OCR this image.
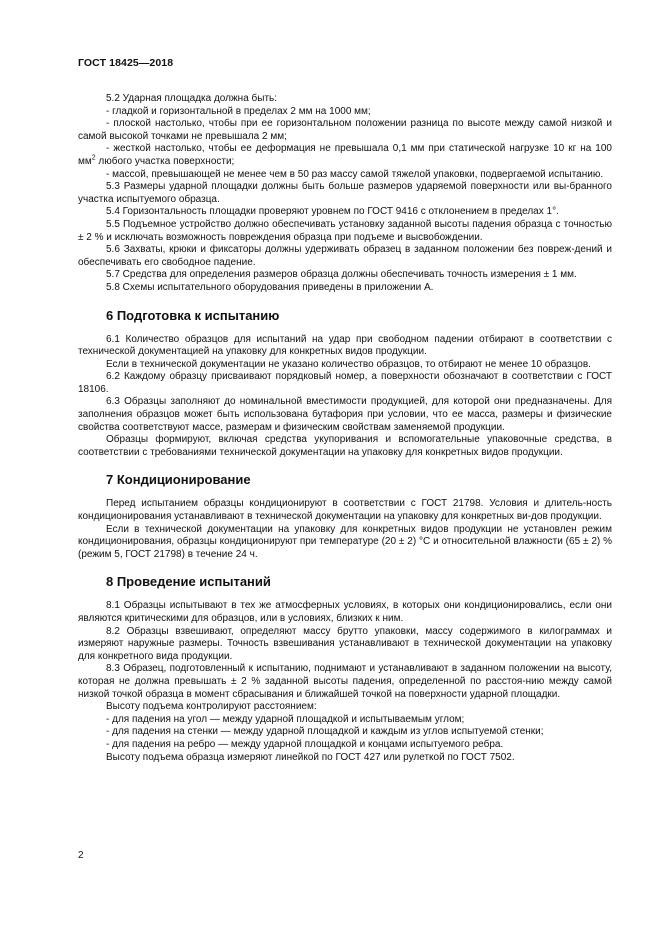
ГОСТ 18425—2018

5.2 Ударная площадка должна быть:

- гладкой и горизонтальной в пределах 2 мм на 1000 мм;

- плоской настолько, чтобы при ее горизонтальном положении разница по высоте между самой низкой и самой высокой точками не превышала 2 мм;

- жесткой настолько, чтобы ее деформация не превышала 0,1 мм при статической нагрузке 10 кг на 100 $мм^2$ любого участка поверхности;

- массой, превышающей не менее чем в 50 раз массу самой тяжелой упаковки, подвергаемой испытанию.

5.3 Размеры ударной площадки должны быть больше размеров ударяемой поверхности или вы-бранного участка испытуемого образца.

5.4 Горизонтальность площадки проверяют уровнем по ГОСТ 9416 с отклонением в пределах 1°.

5.5 Подъемное устройство должно обеспечивать установку заданной высоты падения образца с точностью ± 2 % и исключать возможность повреждения образца при подъеме и высвобождении.

5.6 Захваты, крюки и фиксаторы должны удерживать образец в заданном положении без повреж-дений и обеспечивать его свободное падение.

5.7 Средства для определения размеров образца должны обеспечивать точность измерения ± 1 мм.

5.8 Схемы испытательного оборудования приведены в приложении А.

6 Подготовка к испытанию

6.1 Количество образцов для испытаний на удар при свободном падении отбирают в соответствии с технической документацией на упаковку для конкретных видов продукции.

Если в технической документации не указано количество образцов, то отбирают не менее 10 образцов.

6.2 Каждому образцу присваивают порядковый номер, а поверхности обозначают в соответствии с ГОСТ 18106.

6.3 Образцы заполняют до номинальной вместимости продукцией, для которой они предназначены. Для заполнения образцов может быть использована бутафория при условии, что ее масса, размеры и физические свойства соответствуют массе, размерам и физическим свойствам заменяемой продукции.

Образцы формируют, включая средства укупоривания и вспомогательные упаковочные средства, в соответствии с требованиями технической документации на упаковку для конкретных видов продукции.

7 Кондиционирование

Перед испытанием образцы кондиционируют в соответствии с ГОСТ 21798. Условия и длитель-ность кондиционирования устанавливают в технической документации на упаковку для конкретных ви-дов продукции.

Если в технической документации на упаковку для конкретных видов продукции не установлен режим кондиционирования, образцы кондиционируют при температуре (20 ± 2) °С и относительной влажности (65 ± 2) % (режим 5, ГОСТ 21798) в течение 24 ч.

8 Проведение испытаний

8.1 Образцы испытывают в тех же атмосферных условиях, в которых они кондиционировались, если они являются критическими для образцов, или в условиях, близких к ним.

8.2 Образцы взвешивают, определяют массу брутто упаковки, массу содержимого в килограммах и измеряют наружные размеры. Точность взвешивания устанавливают в технической документации на упаковку для конкретного вида продукции.

8.3 Образец, подготовленный к испытанию, поднимают и устанавливают в заданном положении на высоту, которая не должна превышать ± 2 % заданной высоты падения, определенной по расстоя-нию между самой низкой точкой образца в момент сбрасывания и ближайшей точкой на поверхности ударной площадки.

Высоту подъема контролируют расстоянием:

- для падения на угол — между ударной площадкой и испытываемым углом;

- для падения на стенки — между ударной площадкой и каждым из углов испытуемой стенки;

- для падения на ребро — между ударной площадкой и концами испытуемого ребра.

Высоту подъема образца измеряют линейкой по ГОСТ 427 или рулеткой по ГОСТ 7502.

2
